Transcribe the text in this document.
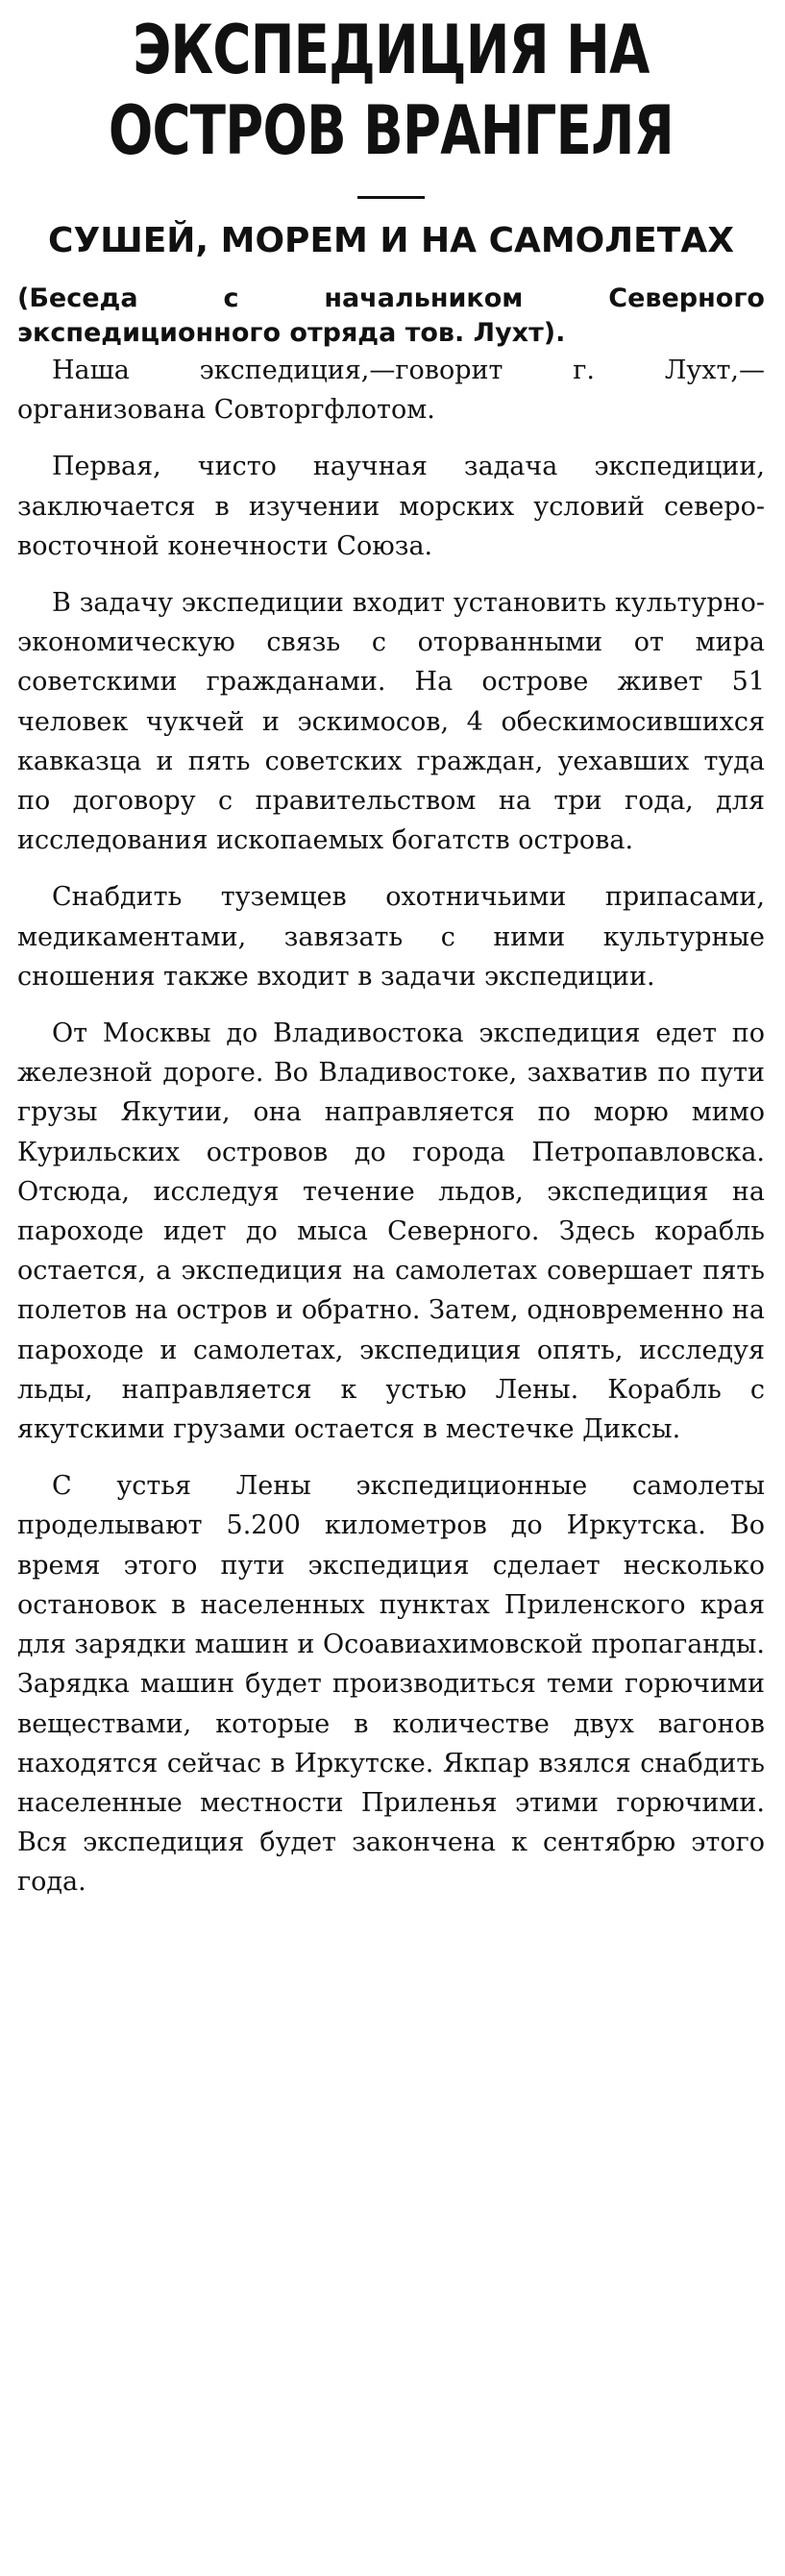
ЭКСПЕДИЦИЯ НА ОСТРОВ ВРАНГЕЛЯ
СУШЕЙ, МОРЕМ И НА САМОЛЕТАХ

(Беседа с начальником Северного экспедиционного отряда тов. Лухт).

Наша экспедиция,—говорит г. Лухт,—организована Совторгфлотом.

Первая, чисто научная задача экспедиции, заключается в изучении морских условий северо-восточной конечности Союза.

В задачу экспедиции входит установить культурно-экономическую связь с оторванными от мира советскими гражданами. На острове живет 51 человек чукчей и эскимосов, 4 обескимосившихся кавказца и пять советских граждан, уехавших туда по договору с правительством на три года, для исследования ископаемых богатств острова.

Снабдить туземцев охотничьими припасами, медикаментами, завязать с ними культурные сношения также входит в задачи экспедиции.

От Москвы до Владивостока экспедиция едет по железной дороге. Во Владивостоке, захватив по пути грузы Якутии, она направляется по морю мимо Курильских островов до города Петропавловска. Отсюда, исследуя течение льдов, экспедиция на пароходе идет до мыса Северного. Здесь корабль остается, а экспедиция на самолетах совершает пять полетов на остров и обратно. Затем, одновременно на пароходе и самолетах, экспедиция опять, исследуя льды, направляется к устью Лены. Корабль с якутскими грузами остается в местечке Диксы.

С устья Лены экспедиционные самолеты проделывают 5.200 километров до Иркутска. Во время этого пути экспедиция сделает несколько остановок в населенных пунктах Приленского края для зарядки машин и Осоавиахимовской пропаганды. Зарядка машин будет производиться теми горючими веществами, которые в количестве двух вагонов находятся сейчас в Иркутске. Якпар взялся снабдить населенные местности Приленья этими горючими. Вся экспедиция будет закончена к сентябрю этого года.
